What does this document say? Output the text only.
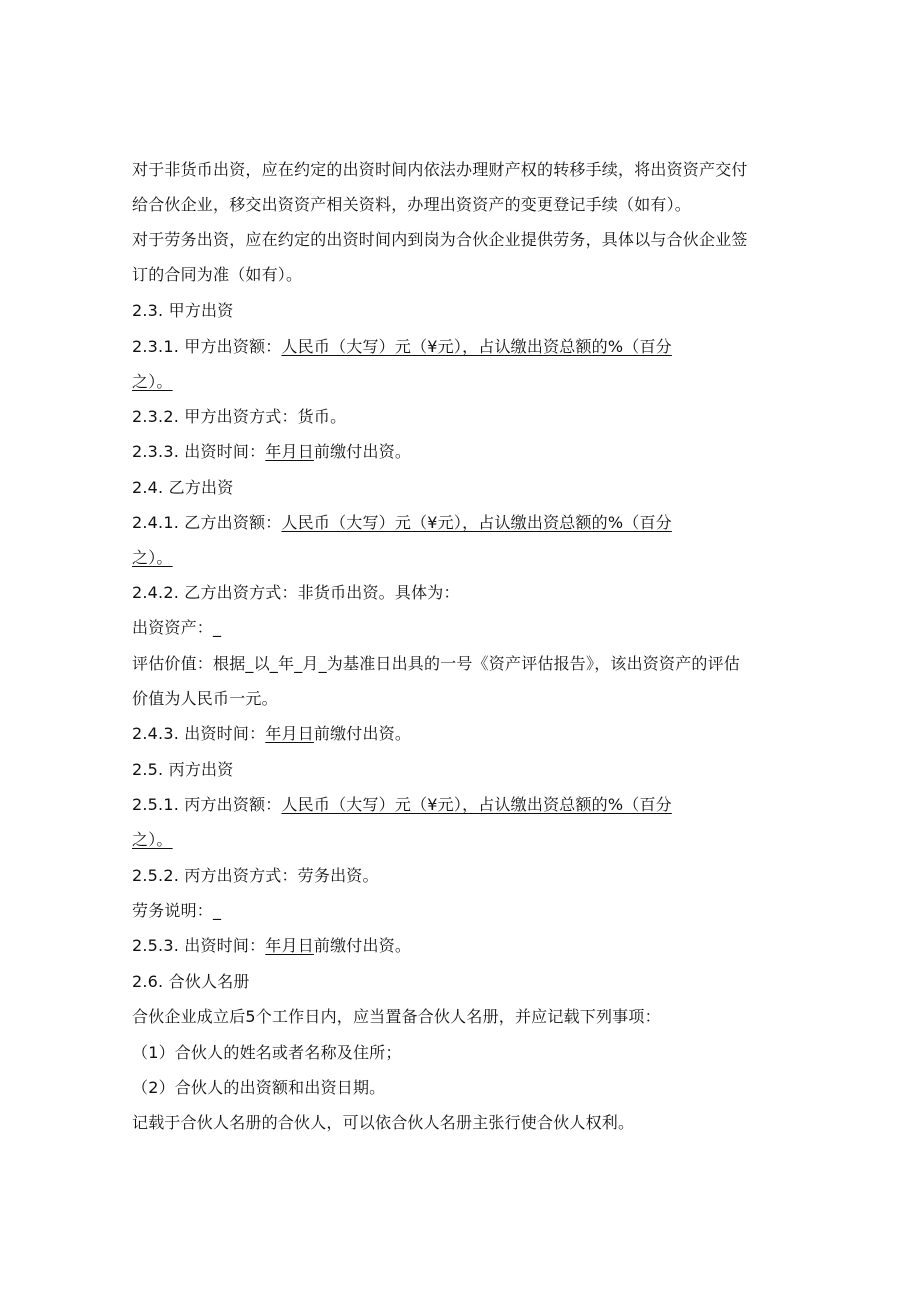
对于非货币出资，应在约定的出资时间内依法办理财产权的转移手续，将出资资产交付
给合伙企业，移交出资资产相关资料，办理出资资产的变更登记手续（如有）。
对于劳务出资，应在约定的出资时间内到岗为合伙企业提供劳务，具体以与合伙企业签
订的合同为准（如有）。
2.3. 甲方出资
2.3.1. 甲方出资额：人民币（大写）元（¥元），占认缴出资总额的%（百分
之）。
2.3.2. 甲方出资方式：货币。
2.3.3. 出资时间：年月日前缴付出资。
2.4. 乙方出资
2.4.1. 乙方出资额：人民币（大写）元（¥元），占认缴出资总额的%（百分
之）。
2.4.2. 乙方出资方式：非货币出资。具体为：
出资资产：_
评估价值：根据_以_年_月_为基准日出具的一号《资产评估报告》，该出资资产的评估
价值为人民币一元。
2.4.3. 出资时间：年月日前缴付出资。
2.5. 丙方出资
2.5.1. 丙方出资额：人民币（大写）元（¥元），占认缴出资总额的%（百分
之）。
2.5.2. 丙方出资方式：劳务出资。
劳务说明：_
2.5.3. 出资时间：年月日前缴付出资。
2.6. 合伙人名册
合伙企业成立后5个工作日内，应当置备合伙人名册，并应记载下列事项：
（1）合伙人的姓名或者名称及住所；
（2）合伙人的出资额和出资日期。
记载于合伙人名册的合伙人，可以依合伙人名册主张行使合伙人权利。
